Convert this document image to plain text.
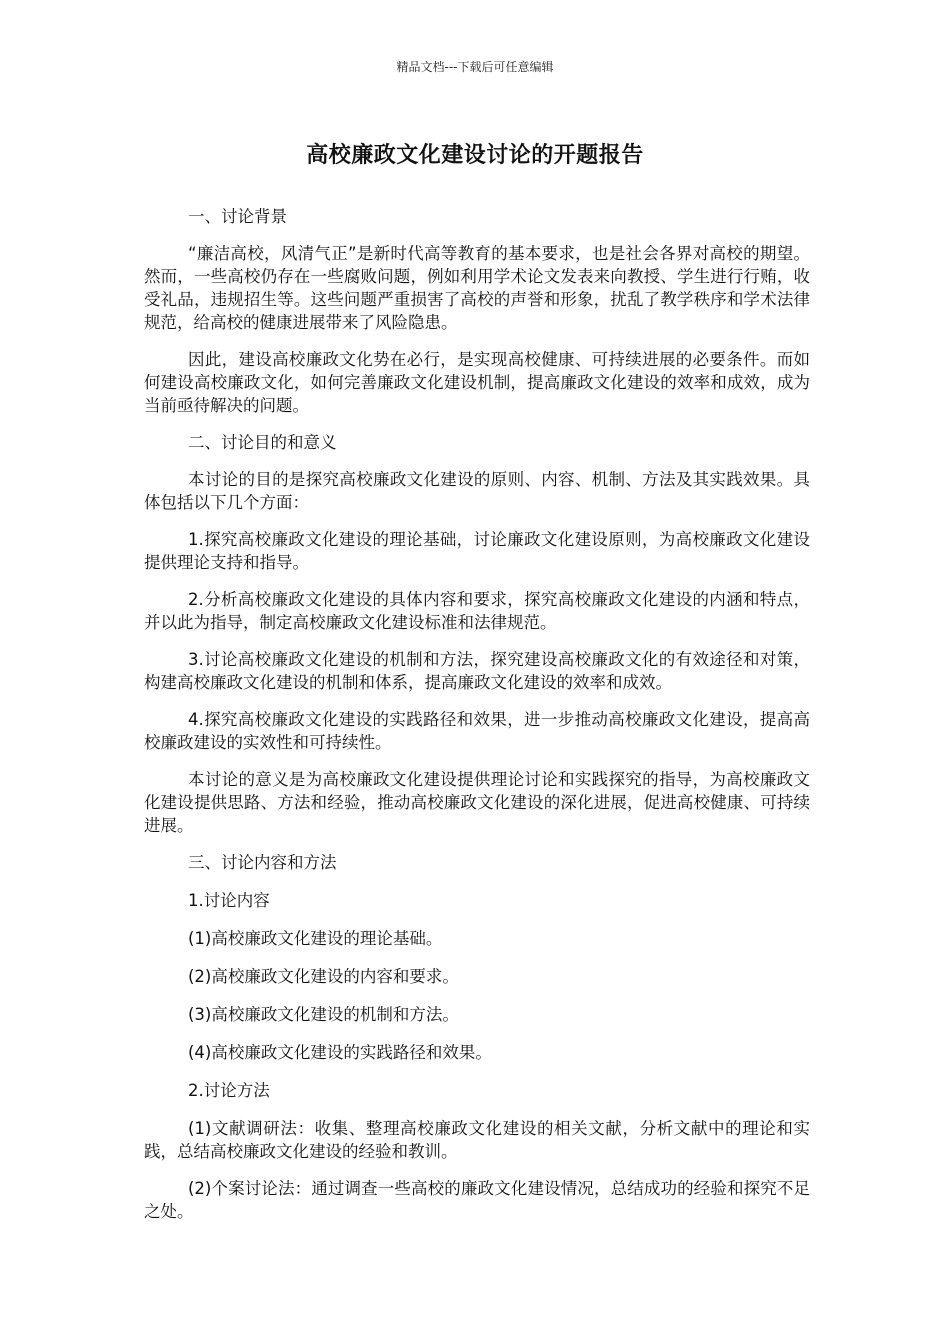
精品文档---下载后可任意编辑
高校廉政文化建设讨论的开题报告

一、讨论背景

“廉洁高校，风清气正”是新时代高等教育的基本要求，也是社会各界对高校的期望。然而，一些高校仍存在一些腐败问题，例如利用学术论文发表来向教授、学生进行行贿，收受礼品，违规招生等。这些问题严重损害了高校的声誉和形象，扰乱了教学秩序和学术法律规范，给高校的健康进展带来了风险隐患。

因此，建设高校廉政文化势在必行，是实现高校健康、可持续进展的必要条件。而如何建设高校廉政文化，如何完善廉政文化建设机制，提高廉政文化建设的效率和成效，成为当前亟待解决的问题。

二、讨论目的和意义

本讨论的目的是探究高校廉政文化建设的原则、内容、机制、方法及其实践效果。具体包括以下几个方面：

1.探究高校廉政文化建设的理论基础，讨论廉政文化建设原则，为高校廉政文化建设提供理论支持和指导。

2.分析高校廉政文化建设的具体内容和要求，探究高校廉政文化建设的内涵和特点， 并以此为指导，制定高校廉政文化建设标准和法律规范。

3.讨论高校廉政文化建设的机制和方法，探究建设高校廉政文化的有效途径和对策，构建高校廉政文化建设的机制和体系，提高廉政文化建设的效率和成效。

4.探究高校廉政文化建设的实践路径和效果，进一步推动高校廉政文化建设，提高高校廉政建设的实效性和可持续性。

本讨论的意义是为高校廉政文化建设提供理论讨论和实践探究的指导，为高校廉政文化建设提供思路、方法和经验，推动高校廉政文化建设的深化进展，促进高校健康、可持续进展。

三、讨论内容和方法

1.讨论内容

(1)高校廉政文化建设的理论基础。

(2)高校廉政文化建设的内容和要求。

(3)高校廉政文化建设的机制和方法。

(4)高校廉政文化建设的实践路径和效果。

2.讨论方法

(1)文献调研法：收集、整理高校廉政文化建设的相关文献，分析文献中的理论和实践，总结高校廉政文化建设的经验和教训。

(2)个案讨论法：通过调查一些高校的廉政文化建设情况，总结成功的经验和探究不足之处。
